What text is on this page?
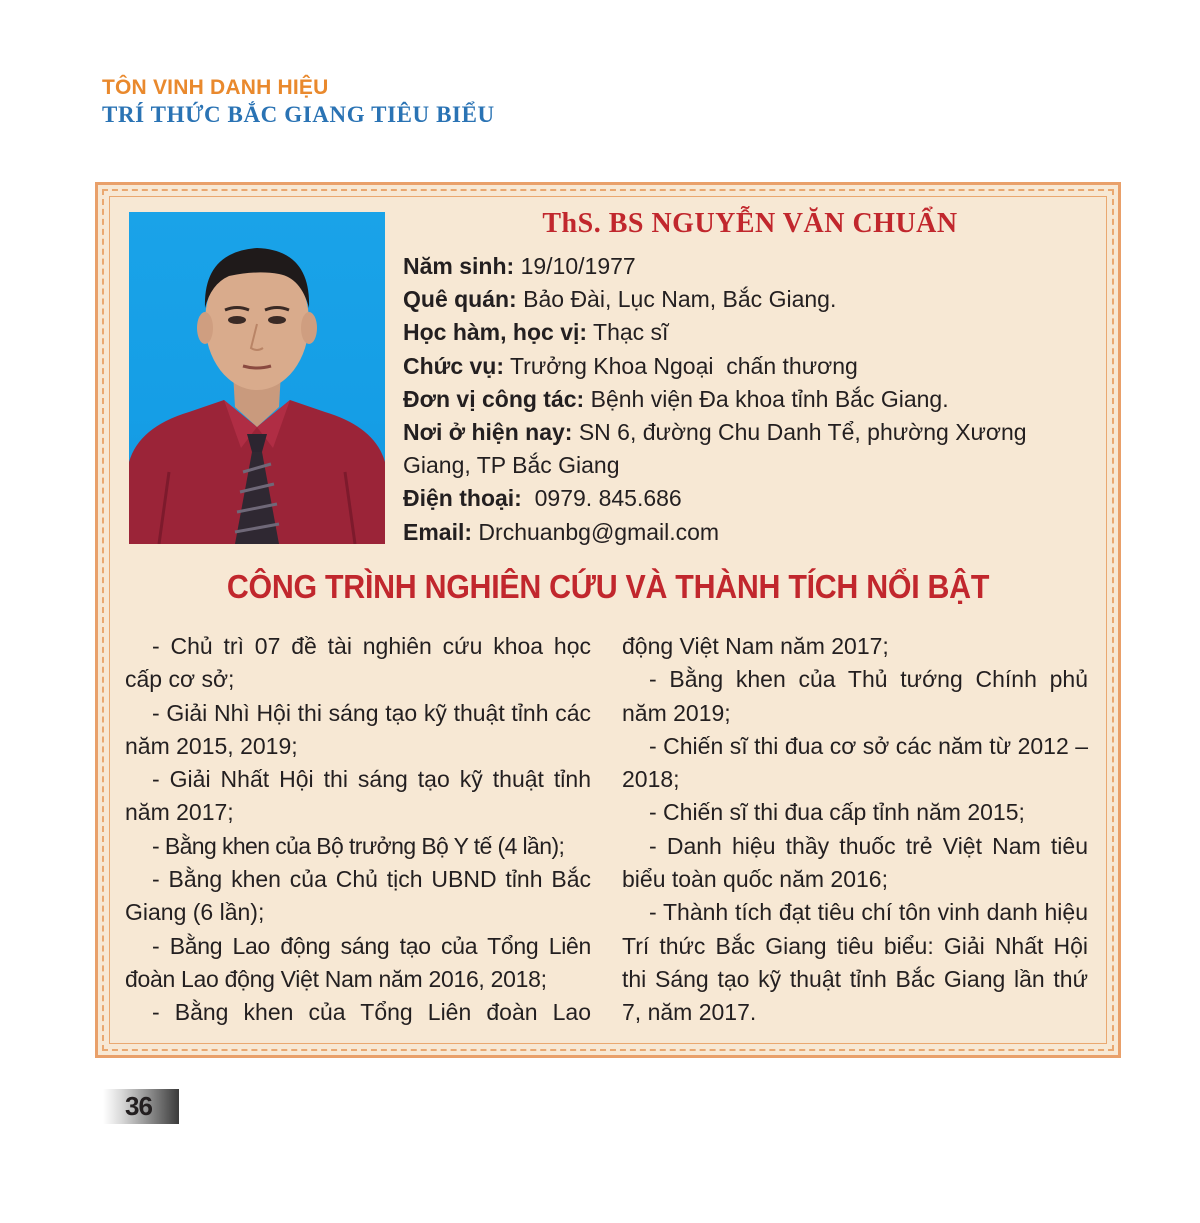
TÔN VINH DANH HIỆU
TRÍ THỨC BẮC GIANG TIÊU BIỂU
ThS. BS NGUYỄN VĂN CHUẨN
Năm sinh: 19/10/1977
Quê quán: Bảo Đài, Lục Nam, Bắc Giang.
Học hàm, học vị: Thạc sĩ
Chức vụ: Trưởng Khoa Ngoại  chấn thương
Đơn vị công tác: Bệnh viện Đa khoa tỉnh Bắc Giang.
Nơi ở hiện nay: SN 6, đường Chu Danh Tể, phường Xương Giang, TP Bắc Giang
Điện thoại:  0979. 845.686
Email: Drchuanbg@gmail.com
CÔNG TRÌNH NGHIÊN CỨU VÀ THÀNH TÍCH NỔI BẬT

- Chủ trì 07 đề tài nghiên cứu khoa học cấp cơ sở;

- Giải Nhì Hội thi sáng tạo kỹ thuật tỉnh các năm 2015, 2019;

- Giải Nhất Hội thi sáng tạo kỹ thuật tỉnh năm 2017;

- Bằng khen của Bộ trưởng Bộ Y tế (4 lần);

- Bằng khen của Chủ tịch UBND tỉnh Bắc Giang (6 lần);

- Bằng Lao động sáng tạo của Tổng Liên đoàn Lao động Việt Nam năm 2016, 2018;

- Bằng khen của Tổng Liên đoàn Lao

động Việt Nam năm 2017;

- Bằng khen của Thủ tướng Chính phủ năm 2019;

- Chiến sĩ thi đua cơ sở các năm từ 2012 – 2018;

- Chiến sĩ thi đua cấp tỉnh năm 2015;

- Danh hiệu thầy thuốc trẻ Việt Nam tiêu biểu toàn quốc năm 2016;

- Thành tích đạt tiêu chí tôn vinh danh hiệu Trí thức Bắc Giang tiêu biểu: Giải Nhất Hội thi Sáng tạo kỹ thuật tỉnh Bắc Giang lần thứ 7, năm 2017.

36
